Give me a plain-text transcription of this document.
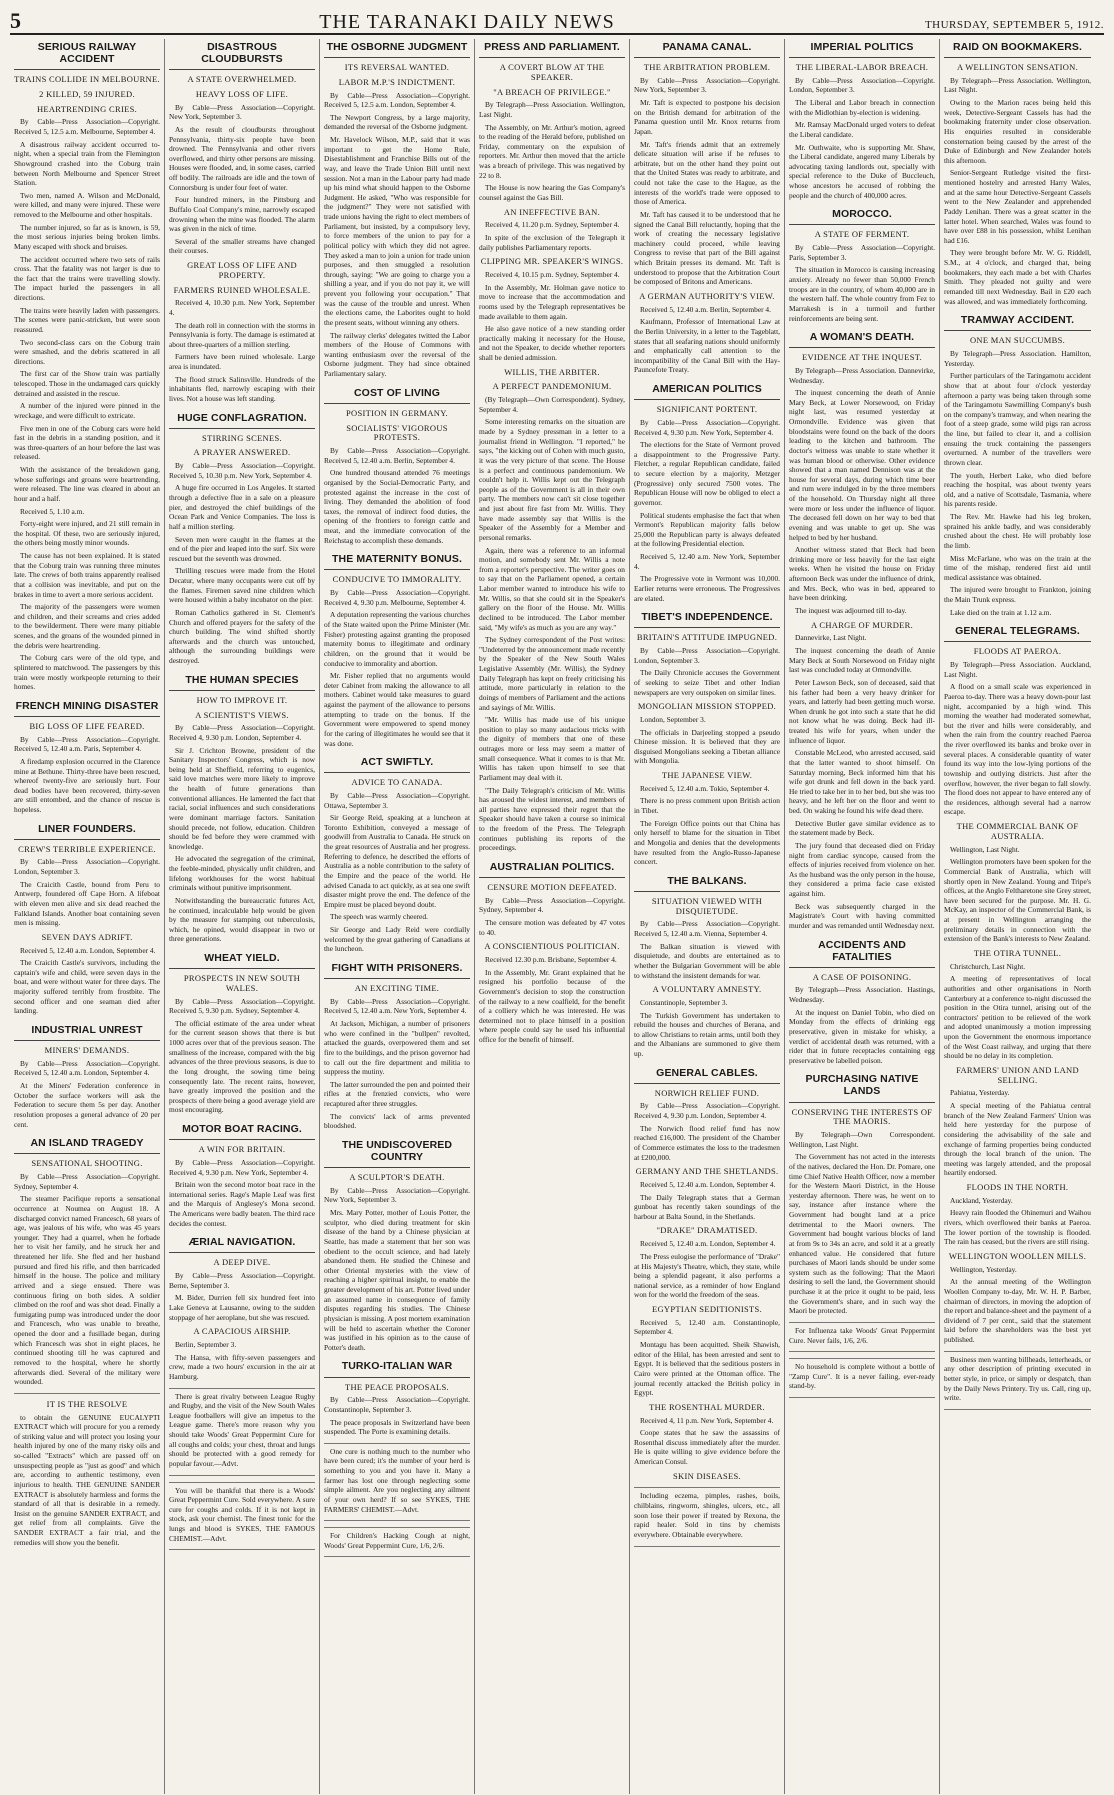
5	THE TARANAKI DAILY NEWS	THURSDAY, SEPTEMBER 5, 1912.
SERIOUS RAILWAY ACCIDENT
TRAINS COLLIDE IN MELBOURNE.
2 KILLED, 59 INJURED.
HEARTRENDING CRIES.

By Cable—Press Association—Copyright. Received 5, 12.5 a.m. Melbourne, September 4.

A disastrous railway accident occurred to-night, when a special train from the Flemington Showground crashed into the Coburg train between North Melbourne and Spencer Street Station.

Two men, named A. Wilson and McDonald, were killed, and many were injured. These were removed to the Melbourne and other hospitals.

The number injured, so far as is known, is 59, the most serious injuries being broken limbs. Many escaped with shock and bruises.

The accident occurred where two sets of rails cross. That the fatality was not larger is due to the fact that the trains were travelling slowly. The impact hurled the passengers in all directions.

The trains were heavily laden with passengers. The scenes were panic-stricken, but were soon reassured.

Two second-class cars on the Coburg train were smashed, and the debris scattered in all directions.

The first car of the Show train was partially telescoped. Those in the undamaged cars quickly detrained and assisted in the rescue.

A number of the injured were pinned in the wreckage, and were difficult to extricate.

Five men in one of the Coburg cars were held fast in the debris in a standing position, and it was three-quarters of an hour before the last was released.

With the assistance of the breakdown gang, whose sufferings and groans were heartrending, were released. The line was cleared in about an hour and a half.

Received 5, 1.10 a.m.

Forty-eight were injured, and 21 still remain in the hospital. Of these, two are seriously injured, the others being mostly minor wounds.

The cause has not been explained. It is stated that the Coburg train was running three minutes late. The crews of both trains apparently realised that a collision was inevitable, and put on the brakes in time to avert a more serious accident.

The majority of the passengers were women and children, and their screams and cries added to the bewilderment. There were many pitiable scenes, and the groans of the wounded pinned in the debris were heartrending.

The Coburg cars were of the old type, and splintered to matchwood. The passengers by this train were mostly workpeople returning to their homes.

FRENCH MINING DISASTER
BIG LOSS OF LIFE FEARED.

By Cable—Press Association—Copyright. Received 5, 12.40 a.m. Paris, September 4.

A firedamp explosion occurred in the Clarence mine at Bethune. Thirty-three have been rescued, whereof twenty-five are seriously hurt. Four dead bodies have been recovered, thirty-seven are still entombed, and the chance of rescue is hopeless.

LINER FOUNDERS.
CREW'S TERRIBLE EXPERIENCE.

By Cable—Press Association—Copyright. London, September 3.

The Craicith Castle, bound from Peru to Antwerp, foundered off Cape Horn. A lifeboat with eleven men alive and six dead reached the Falkland Islands. Another boat containing seven men is missing.

SEVEN DAYS ADRIFT.

Received 5, 12.40 a.m. London, September 4.

The Craicith Castle's survivors, including the captain's wife and child, were seven days in the boat, and were without water for three days. The majority suffered terribly from frostbite. The second officer and one seaman died after landing.

INDUSTRIAL UNREST
MINERS' DEMANDS.

By Cable—Press Association—Copyright. Received 5, 12.40 a.m. London, September 4.

At the Miners' Federation conference in October the surface workers will ask the Federation to secure them 5s per day. Another resolution proposes a general advance of 20 per cent.

AN ISLAND TRAGEDY
SENSATIONAL SHOOTING.

By Cable—Press Association—Copyright. Sydney, September 4.

The steamer Pacifique reports a sensational occurrence at Noumea on August 18. A discharged convict named Francesch, 68 years of age, was jealous of his wife, who was 45 years younger. They had a quarrel, when he forbade her to visit her family, and he struck her and threatened her life. She fled and her husband pursued and fired his rifle, and then barricaded himself in the house. The police and military arrived and a siege ensued. There was continuous firing on both sides. A soldier climbed on the roof and was shot dead. Finally a fumigating pump was introduced under the door and Francesch, who was unable to breathe, opened the door and a fusillade began, during which Francesch was shot in eight places, he continued shooting till he was captured and removed to the hospital, where he shortly afterwards died. Several of the military were wounded.

IT IS THE RESOLVE

to obtain the GENUINE EUCALYPTI EXTRACT which will procure for you a remedy of striking value and will protect you losing your health injured by one of the many risky oils and so-called "Extracts" which are passed off on unsuspecting people as "just as good" and which are, according to authentic testimony, even injurious to health. THE GENUINE SANDER EXTRACT is absolutely harmless and forms the standard of all that is desirable in a remedy. Insist on the genuine SANDER EXTRACT, and get relief from all complaints. Give the SANDER EXTRACT a fair trial, and the remedies will show you the benefit.

DISASTROUS CLOUDBURSTS
A STATE OVERWHELMED.
HEAVY LOSS OF LIFE.

By Cable—Press Association—Copyright. New York, September 3.

As the result of cloudbursts throughout Pennsylvania, thirty-six people have been drowned. The Pennsylvania and other rivers overflowed, and thirty other persons are missing. Houses were flooded, and, in some cases, carried off bodily. The railroads are idle and the town of Connorsburg is under four feet of water.

Four hundred miners, in the Pittsburg and Buffalo Coal Company's mine, narrowly escaped drowning when the mine was flooded. The alarm was given in the nick of time.

Several of the smaller streams have changed their courses.

GREAT LOSS OF LIFE AND PROPERTY.
FARMERS RUINED WHOLESALE.

Received 4, 10.30 p.m. New York, September 4.

The death roll in connection with the storms in Pennsylvania is forty. The damage is estimated at about three-quarters of a million sterling.

Farmers have been ruined wholesale. Large area is inundated.

The flood struck Salinsville. Hundreds of the inhabitants fled, narrowly escaping with their lives. Not a house was left standing.

HUGE CONFLAGRATION.
STIRRING SCENES.
A PRAYER ANSWERED.

By Cable—Press Association—Copyright. Received 5, 10.30 p.m. New York, September 4.

A huge fire occurred in Los Angeles. It started through a defective flue in a sale on a pleasure pier, and destroyed the chief buildings of the Ocean Park and Venice Companies. The loss is half a million sterling.

Seven men were caught in the flames at the end of the pier and leaped into the surf. Six were rescued but the seventh was drowned.

Thrilling rescues were made from the Hotel Decatur, where many occupants were cut off by the flames. Firemen saved nine children which were housed within a baby incubator on the pier.

Roman Catholics gathered in St. Clement's Church and offered prayers for the safety of the church building. The wind shifted shortly afterwards and the church was untouched, although the surrounding buildings were destroyed.

THE HUMAN SPECIES
HOW TO IMPROVE IT.
A SCIENTIST'S VIEWS.

By Cable—Press Association—Copyright. Received 4, 9.30 p.m. London, September 4.

Sir J. Crichton Browne, president of the Sanitary Inspectors' Congress, which is now being held at Sheffield, referring to eugenics, said love matches were more likely to improve the health of future generations than conventional alliances. He lamented the fact that racial, social influences and such considerations were dominant marriage factors. Sanitation should precede, not follow, education. Children should be fed before they were crammed with knowledge.

He advocated the segregation of the criminal, the feeble-minded, physically unfit children, and lifelong workhouses for the worst habitual criminals without punitive imprisonment.

Notwithstanding the bureaucratic futures Act, he continued, incalculable help would be given by the measure for stamping out tuberculosis, which, he opined, would disappear in two or three generations.

WHEAT YIELD.
PROSPECTS IN NEW SOUTH WALES.

By Cable—Press Association—Copyright. Received 5, 9.30 p.m. Sydney, September 4.

The official estimate of the area under wheat for the current season shows that there is but 1000 acres over that of the previous season. The smallness of the increase, compared with the big advances of the three previous seasons, is due to the long drought, the sowing time being consequently late. The recent rains, however, have greatly improved the position and the prospects of there being a good average yield are most encouraging.

MOTOR BOAT RACING.
A WIN FOR BRITAIN.

By Cable—Press Association—Copyright. Received 4, 9.30 p.m. New York, September 4.

Britain won the second motor boat race in the international series. Rage's Maple Leaf was first and the Marquis of Anglesey's Mona second. The Americans were badly beaten. The third race decides the contest.

ÆRIAL NAVIGATION.
A DEEP DIVE.

By Cable—Press Association—Copyright. Berne, September 3.

M. Bider, Durrien fell six hundred feet into Lake Geneva at Lausanne, owing to the sudden stoppage of her aeroplane, but she was rescued.

A CAPACIOUS AIRSHIP.

Berlin, September 3.

The Hansa, with fifty-seven passengers and crew, made a two hours' excursion in the air at Hamburg.

There is great rivalry between League Rugby and Rugby, and the visit of the New South Wales League footballers will give an impetus to the League game. There's more reason why you should take Woods' Great Peppermint Cure for all coughs and colds; your chest, throat and lungs should be protected with a good remedy for popular favour.—Advt.

You will be thankful that there is a Woods' Great Peppermint Cure. Sold everywhere. A sure cure for coughs and colds. If it is not kept in stock, ask your chemist. The finest tonic for the lungs and blood is SYKES, THE FAMOUS CHEMIST.—Advt.

THE OSBORNE JUDGMENT
ITS REVERSAL WANTED.
LABOR M.P.'S INDICTMENT.

By Cable—Press Association—Copyright. Received 5, 12.5 a.m. London, September 4.

The Newport Congress, by a large majority, demanded the reversal of the Osborne judgment.

Mr. Havelock Wilson, M.P., said that it was important to get the Home Rule, Disestablishment and Franchise Bills out of the way, and leave the Trade Union Bill until next session. Not a man in the Labour party had made up his mind what should happen to the Osborne Judgment. He asked, "Who was responsible for the judgment?" They were not satisfied with trade unions having the right to elect members of Parliament, but insisted, by a compulsory levy, to force members of the union to pay for a political policy with which they did not agree. They asked a man to join a union for trade union purposes, and then smuggled a resolution through, saying: "We are going to charge you a shilling a year, and if you do not pay it, we will prevent you following your occupation." That was the cause of the trouble and unrest. When the elections came, the Laborites ought to hold the present seats, without winning any others.

The railway clerks' delegates twitted the Labor members of the House of Commons with wanting enthusiasm over the reversal of the Osborne judgment. They had since obtained Parliamentary salary.

COST OF LIVING
POSITION IN GERMANY.
SOCIALISTS' VIGOROUS PROTESTS.

By Cable—Press Association—Copyright. Received 5, 12.40 a.m. Berlin, September 4.

One hundred thousand attended 76 meetings organised by the Social-Democratic Party, and protested against the increase in the cost of living. They demanded the abolition of food taxes, the removal of indirect food duties, the opening of the frontiers to foreign cattle and meat, and the immediate convocation of the Reichstag to accomplish these demands.

THE MATERNITY BONUS.
CONDUCIVE TO IMMORALITY.

By Cable—Press Association—Copyright. Received 4, 9.30 p.m. Melbourne, September 4.

A deputation representing the various churches of the State waited upon the Prime Minister (Mr. Fisher) protesting against granting the proposed maternity bonus to illegitimate and ordinary children, on the ground that it would be conducive to immorality and abortion.

Mr. Fisher replied that no arguments would deter Cabinet from making the allowance to all mothers. Cabinet would take measures to guard against the payment of the allowance to persons attempting to trade on the bonus. If the Government were empowered to spend money for the caring of illegitimates he would see that it was done.

ACT SWIFTLY.
ADVICE TO CANADA.

By Cable—Press Association—Copyright. Ottawa, September 3.

Sir George Reid, speaking at a luncheon at Toronto Exhibition, conveyed a message of goodwill from Australia to Canada. He struck on the great resources of Australia and her progress. Referring to defence, he described the efforts of Australia as a noble contribution to the safety of the Empire and the peace of the world. He advised Canada to act quickly, as at sea one swift disaster might prove the end. The defence of the Empire must be placed beyond doubt.

The speech was warmly cheered.

Sir George and Lady Reid were cordially welcomed by the great gathering of Canadians at the luncheon.

FIGHT WITH PRISONERS.
AN EXCITING TIME.

By Cable—Press Association—Copyright. Received 5, 12.40 a.m. New York, September 4.

At Jackson, Michigan, a number of prisoners who were confined in the "bullpen" revolted, attacked the guards, overpowered them and set fire to the buildings, and the prison governor had to call out the fire department and militia to suppress the mutiny.

The latter surrounded the pen and pointed their rifles at the frenzied convicts, who were recaptured after three struggles.

The convicts' lack of arms prevented bloodshed.

THE UNDISCOVERED COUNTRY
A SCULPTOR'S DEATH.

By Cable—Press Association—Copyright. New York, September 3.

Mrs. Mary Potter, mother of Louis Potter, the sculptor, who died during treatment for skin disease of the hand by a Chinese physician at Seattle, has made a statement that her son was obedient to the occult science, and had lately abandoned them. He studied the Chinese and other Oriental mysteries with the view of reaching a higher spiritual insight, to enable the greater development of his art. Potter lived under an assumed name in consequence of family disputes regarding his studies. The Chinese physician is missing. A post mortem examination will be held to ascertain whether the Coroner was justified in his opinion as to the cause of Potter's death.

TURKO-ITALIAN WAR
THE PEACE PROPOSALS.

By Cable—Press Association—Copyright. Constantinople, September 3.

The peace proposals in Switzerland have been suspended. The Porte is examining details.

One cure is nothing much to the number who have been cured; it's the number of your herd is something to you and you have it. Many a farmer has lost one through neglecting some simple ailment. Are you neglecting any ailment of your own herd? If so see SYKES, THE FARMERS' CHEMIST.—Advt.

For Children's Hacking Cough at night, Woods' Great Peppermint Cure, 1/6, 2/6.

PRESS AND PARLIAMENT.
A COVERT BLOW AT THE SPEAKER.
"A BREACH OF PRIVILEGE."

By Telegraph—Press Association. Wellington, Last Night.

The Assembly, on Mr. Arthur's motion, agreed to the reading of the Herald before, published on Friday, commentary on the expulsion of reporters. Mr. Arthur then moved that the article was a breach of privilege. This was negatived by 22 to 8.

The House is now hearing the Gas Company's counsel against the Gas Bill.

AN INEFFECTIVE BAN.

Received 4, 11.20 p.m. Sydney, September 4.

In spite of the exclusion of the Telegraph it daily publishes Parliamentary reports.

CLIPPING MR. SPEAKER'S WINGS.

Received 4, 10.15 p.m. Sydney, September 4.

In the Assembly, Mr. Holman gave notice to move to increase that the accommodation and rooms used by the Telegraph representatives be made available to them again.

He also gave notice of a new standing order practically making it necessary for the House, and not the Speaker, to decide whether reporters shall be denied admission.

WILLIS, THE ARBITER.
A PERFECT PANDEMONIUM.

(By Telegraph—Own Correspondent). Sydney, September 4.

Some interesting remarks on the situation are made by a Sydney pressman in a letter to a journalist friend in Wellington. "I reported," he says, "the kicking out of Cohen with much gusto, it was the very picture of that scene. The House is a perfect and continuous pandemonium. We couldn't help it. Willis kept out the Telegraph people as of the Government is all in their own party. The members now can't sit close together and just about fire fast from Mr. Willis. They have made assembly say that Willis is the Speaker of the Assembly for a Member and personal remarks.

Again, there was a reference to an informal motion, and somebody sent Mr. Willis a note from a reporter's perspective. The writer goes on to say that on the Parliament opened, a certain Labor member wanted to introduce his wife to Mr. Willis, so that she could sit in the Speaker's gallery on the floor of the House. Mr. Willis declined to be introduced. The Labor member said, "My wife's as much as you are any way."

The Sydney correspondent of the Post writes: "Undeterred by the announcement made recently by the Speaker of the New South Wales Legislative Assembly (Mr. Willis), the Sydney Daily Telegraph has kept on freely criticising his attitude, more particularly in relation to the doings of members of Parliament and the actions and sayings of Mr. Willis.

"Mr. Willis has made use of his unique position to play so many audacious tricks with the dignity of members that one of these outrages more or less may seem a matter of small consequence. What it comes to is that Mr. Willis has taken upon himself to see that Parliament may deal with it.

"The Daily Telegraph's criticism of Mr. Willis has aroused the widest interest, and members of all parties have expressed their regret that the Speaker should have taken a course so inimical to the freedom of the Press. The Telegraph continues publishing its reports of the proceedings.

AUSTRALIAN POLITICS.
CENSURE MOTION DEFEATED.

By Cable—Press Association—Copyright. Sydney, September 4.

The censure motion was defeated by 47 votes to 40.

A CONSCIENTIOUS POLITICIAN.

Received 12.30 p.m. Brisbane, September 4.

In the Assembly, Mr. Grant explained that he resigned his portfolio because of the Government's decision to stop the construction of the railway to a new coalfield, for the benefit of a colliery which he was interested. He was determined not to place himself in a position where people could say he used his influential office for the benefit of himself.

PANAMA CANAL.
THE ARBITRATION PROBLEM.

By Cable—Press Association—Copyright. New York, September 3.

Mr. Taft is expected to postpone his decision on the British demand for arbitration of the Panama question until Mr. Knox returns from Japan.

Mr. Taft's friends admit that an extremely delicate situation will arise if he refuses to arbitrate, but on the other hand they point out that the United States was ready to arbitrate, and could not take the case to the Hague, as the interests of the world's trade were opposed to those of America.

Mr. Taft has caused it to be understood that he signed the Canal Bill reluctantly, hoping that the work of creating the necessary legislative machinery could proceed, while leaving Congress to revise that part of the Bill against which Britain presses its demand. Mr. Taft is understood to propose that the Arbitration Court be composed of Britons and Americans.

A GERMAN AUTHORITY'S VIEW.

Received 5, 12.40 a.m. Berlin, September 4.

Kaufmann, Professor of International Law at the Berlin University, in a letter to the Tageblatt, states that all seafaring nations should uniformly and emphatically call attention to the incompatibility of the Canal Bill with the Hay-Pauncefote Treaty.

AMERICAN POLITICS
SIGNIFICANT PORTENT.

By Cable—Press Association—Copyright. Received 4, 9.30 p.m. New York, September 4.

The elections for the State of Vermont proved a disappointment to the Progressive Party. Fletcher, a regular Republican candidate, failed to secure election by a majority, Metzger (Progressive) only secured 7500 votes. The Republican House will now be obliged to elect a governor.

Political students emphasise the fact that when Vermont's Republican majority falls below 25,000 the Republican party is always defeated at the following Presidential election.

Received 5, 12.40 a.m. New York, September 4.

The Progressive vote in Vermont was 10,000. Earlier returns were erroneous. The Progressives are elated.

TIBET'S INDEPENDENCE.
BRITAIN'S ATTITUDE IMPUGNED.

By Cable—Press Association—Copyright. London, September 3.

The Daily Chronicle accuses the Government of seeking to seize Tibet and other Indian newspapers are very outspoken on similar lines.

MONGOLIAN MISSION STOPPED.

London, September 3.

The officials in Darjeeling stopped a pseudo Chinese mission. It is believed that they are disguised Mongolians seeking a Tibetan alliance with Mongolia.

THE JAPANESE VIEW.

Received 5, 12.40 a.m. Tokio, September 4.

There is no press comment upon British action in Tibet.

The Foreign Office points out that China has only herself to blame for the situation in Tibet and Mongolia and denies that the developments have resulted from the Anglo-Russo-Japanese concert.

THE BALKANS.
SITUATION VIEWED WITH DISQUIETUDE.

By Cable—Press Association—Copyright. Received 5, 12.40 a.m. Vienna, September 4.

The Balkan situation is viewed with disquietude, and doubts are entertained as to whether the Bulgarian Government will be able to withstand the insistent demands for war.

A VOLUNTARY AMNESTY.

Constantinople, September 3.

The Turkish Government has undertaken to rebuild the houses and churches of Berana, and to allow Christians to retain arms, until both they and the Albanians are summoned to give them up.

GENERAL CABLES.
NORWICH RELIEF FUND.

By Cable—Press Association—Copyright. Received 4, 9.30 p.m. London, September 4.

The Norwich flood relief fund has now reached £16,000. The president of the Chamber of Commerce estimates the loss to the tradesmen at £200,000.

GERMANY AND THE SHETLANDS.

Received 5, 12.40 a.m. London, September 4.

The Daily Telegraph states that a German gunboat has recently taken soundings of the harbour at Balta Sound, in the Shetlands.

"DRAKE" DRAMATISED.

Received 5, 12.40 a.m. London, September 4.

The Press eulogise the performance of "Drake" at His Majesty's Theatre, which, they state, while being a splendid pageant, it also performs a national service, as a reminder of how England won for the world the freedom of the seas.

EGYPTIAN SEDITIONISTS.

Received 5, 12.40 a.m. Constantinople, September 4.

Montagu has been acquitted. Sheik Shawish, editor of the Hilal, has been arrested and sent to Egypt. It is believed that the seditious posters in Cairo were printed at the Ottoman office. The journal recently attacked the British policy in Egypt.

THE ROSENTHAL MURDER.

Received 4, 11 p.m. New York, September 4.

Coope states that he saw the assassins of Rosenthal discuss immediately after the murder. He is quite willing to give evidence before the American Consul.

SKIN DISEASES.

Including eczema, pimples, rashes, boils, chilblains, ringworm, shingles, ulcers, etc., all soon lose their power if treated by Rexona, the rapid healer. Sold in tins by chemists everywhere. Obtainable everywhere.

IMPERIAL POLITICS
THE LIBERAL-LABOR BREACH.

By Cable—Press Association—Copyright. London, September 3.

The Liberal and Labor breach in connection with the Midlothian by-election is widening.

Mr. Ramsay MacDonald urged voters to defeat the Liberal candidate.

Mr. Outhwaite, who is supporting Mr. Shaw, the Liberal candidate, angered many Liberals by advocating taxing landlords out, specially with special reference to the Duke of Buccleuch, whose ancestors he accused of robbing the people and the church of 400,000 acres.

MOROCCO.
A STATE OF FERMENT.

By Cable—Press Association—Copyright. Paris, September 3.

The situation in Morocco is causing increasing anxiety. Already no fewer than 50,000 French troops are in the country, of whom 40,000 are in the western half. The whole country from Fez to Marrakesh is in a turmoil and further reinforcements are being sent.

A WOMAN'S DEATH.
EVIDENCE AT THE INQUEST.

By Telegraph—Press Association. Dannevirke, Wednesday.

The inquest concerning the death of Annie Mary Beck, at Lower Norsewood, on Friday night last, was resumed yesterday at Ormondville. Evidence was given that bloodstains were found on the back of the doors leading to the kitchen and bathroom. The doctor's witness was unable to state whether it was human blood or otherwise. Other evidence showed that a man named Dennison was at the house for several days, during which time beer and rum were indulged in by the three members of the household. On Thursday night all three were more or less under the influence of liquor. The deceased fell down on her way to bed that evening and was unable to get up. She was helped to bed by her husband.

Another witness stated that Beck had been drinking more or less heavily for the last eight weeks. When he visited the house on Friday afternoon Beck was under the influence of drink, and Mrs. Beck, who was in bed, appeared to have been drinking.

The inquest was adjourned till to-day.

A CHARGE OF MURDER.

Dannevirke, Last Night.

The inquest concerning the death of Annie Mary Beck at South Norsewood on Friday night last was concluded today at Ormondville.

Peter Lawson Beck, son of deceased, said that his father had been a very heavy drinker for years, and latterly had been getting much worse. When drunk he got into such a state that he did not know what he was doing. Beck had ill-treated his wife for years, when under the influence of liquor.

Constable McLeod, who arrested accused, said that the latter wanted to shoot himself. On Saturday morning, Beck informed him that his wife got drunk and fell down in the back yard. He tried to take her in to her bed, but she was too heavy, and he left her on the floor and went to bed. On waking he found his wife dead there.

Detective Butler gave similar evidence as to the statement made by Beck.

The jury found that deceased died on Friday night from cardiac syncope, caused from the effects of injuries received from violence on her. As the husband was the only person in the house, they considered a prima facie case existed against him.

Beck was subsequently charged in the Magistrate's Court with having committed murder and was remanded until Wednesday next.

ACCIDENTS AND FATALITIES
A CASE OF POISONING.

By Telegraph—Press Association. Hastings, Wednesday.

At the inquest on Daniel Tobin, who died on Monday from the effects of drinking egg preservative, given in mistake for whisky, a verdict of accidental death was returned, with a rider that in future receptacles containing egg preservative be labelled poison.

PURCHASING NATIVE LANDS
CONSERVING THE INTERESTS OF THE MAORIS.

By Telegraph—Own Correspondent. Wellington, Last Night.

The Government has not acted in the interests of the natives, declared the Hon. Dr. Pomare, one time Chief Native Health Officer, now a member for the Western Maori District, in the House yesterday afternoon. There was, he went on to say, instance after instance where the Government had bought land at a price detrimental to the Maori owners. The Government had bought various blocks of land at from 9s to 34s an acre, and sold it at a greatly enhanced value. He considered that future purchases of Maori lands should be under some system such as the following: That the Maori desiring to sell the land, the Government should purchase it at the price it ought to be paid, less the Government's share, and in such way the Maori be protected.

For Influenza take Woods' Great Peppermint Cure. Never fails, 1/6, 2/6.

No household is complete without a bottle of "Zamp Cure". It is a never failing, ever-ready stand-by.

RAID ON BOOKMAKERS.
A WELLINGTON SENSATION.

By Telegraph—Press Association. Wellington, Last Night.

Owing to the Marion races being held this week, Detective-Sergeant Cassels has had the bookmaking fraternity under close observation. His enquiries resulted in considerable consternation being caused by the arrest of the Duke of Edinburgh and New Zealander hotels this afternoon.

Senior-Sergeant Rutledge visited the first-mentioned hostelry and arrested Harry Wales, and at the same hour Detective-Sergeant Cassels went to the New Zealander and apprehended Paddy Lenihan. There was a great scatter in the latter hotel. When searched, Wales was found to have over £88 in his possession, whilst Lenihan had £16.

They were brought before Mr. W. G. Riddell, S.M., at 4 o'clock, and charged that, being bookmakers, they each made a bet with Charles Smith. They pleaded not guilty and were remanded till next Wednesday. Bail in £20 each was allowed, and was immediately forthcoming.

TRAMWAY ACCIDENT.
ONE MAN SUCCUMBS.

By Telegraph—Press Association. Hamilton, Yesterday.

Further particulars of the Taringamotu accident show that at about four o'clock yesterday afternoon a party was being taken through some of the Taringamotu Sawmilling Company's bush on the company's tramway, and when nearing the foot of a steep grade, some wild pigs ran across the line, but failed to clear it, and a collision ensuing the truck containing the passengers overturned. A number of the travellers were thrown clear.

The youth, Herbert Lake, who died before reaching the hospital, was about twenty years old, and a native of Scottsdale, Tasmania, where his parents reside.

The Rev. Mr. Hawke had his leg broken, sprained his ankle badly, and was considerably crushed about the chest. He will probably lose the limb.

Miss McFarlane, who was on the train at the time of the mishap, rendered first aid until medical assistance was obtained.

The injured were brought to Frankton, joining the Main Trunk express.

Lake died on the train at 1.12 a.m.

GENERAL TELEGRAMS.
FLOODS AT PAEROA.

By Telegraph—Press Association. Auckland, Last Night.

A flood on a small scale was experienced in Paeroa to-day. There was a heavy down-pour last night, accompanied by a high wind. This morning the weather had moderated somewhat, but the river and hills were considerably, and when the rain from the country reached Paeroa the river overflowed its banks and broke over in several places. A considerable quantity of water found its way into the low-lying portions of the township and outlying districts. Just after the overflow, however, the river began to fall slowly. The flood does not appear to have entered any of the residences, although several had a narrow escape.

THE COMMERCIAL BANK OF AUSTRALIA.

Wellington, Last Night.

Wellington promoters have been spoken for the Commercial Bank of Australia, which will shortly open in New Zealand. Young and Tripe's offices, at the Anglo Feltharetone site Grey street, have been secured for the purpose. Mr. H. G. McKay, an inspector of the Commercial Bank, is at present in Wellington arranging the preliminary details in connection with the extension of the Bank's interests to New Zealand.

THE OTIRA TUNNEL.

Christchurch, Last Night.

A meeting of representatives of local authorities and other organisations in North Canterbury at a conference to-night discussed the position in the Otira tunnel, arising out of the contractors' petition to be relieved of the work and adopted unanimously a motion impressing upon the Government the enormous importance of the West Coast railway, and urging that there should be no delay in its completion.

FARMERS' UNION AND LAND SELLING.

Pahiatua, Yesterday.

A special meeting of the Pahiatua central branch of the New Zealand Farmers' Union was held here yesterday for the purpose of considering the advisability of the sale and exchange of farming properties being conducted through the local branch of the union. The meeting was largely attended, and the proposal heartily endorsed.

FLOODS IN THE NORTH.

Auckland, Yesterday.

Heavy rain flooded the Ohinemuri and Waihou rivers, which overflowed their banks at Paeroa. The lower portion of the township is flooded. The rain has ceased, but the rivers are still rising.

WELLINGTON WOOLLEN MILLS.

Wellington, Yesterday.

At the annual meeting of the Wellington Woollen Company to-day, Mr. W. H. P. Barber, chairman of directors, in moving the adoption of the report and balance-sheet and the payment of a dividend of 7 per cent., said that the statement laid before the shareholders was the best yet published.

Business men wanting billheads, letterheads, or any other description of printing executed in better style, in price, or simply or despatch, than by the Daily News Printery. Try us. Call, ring up, write.
